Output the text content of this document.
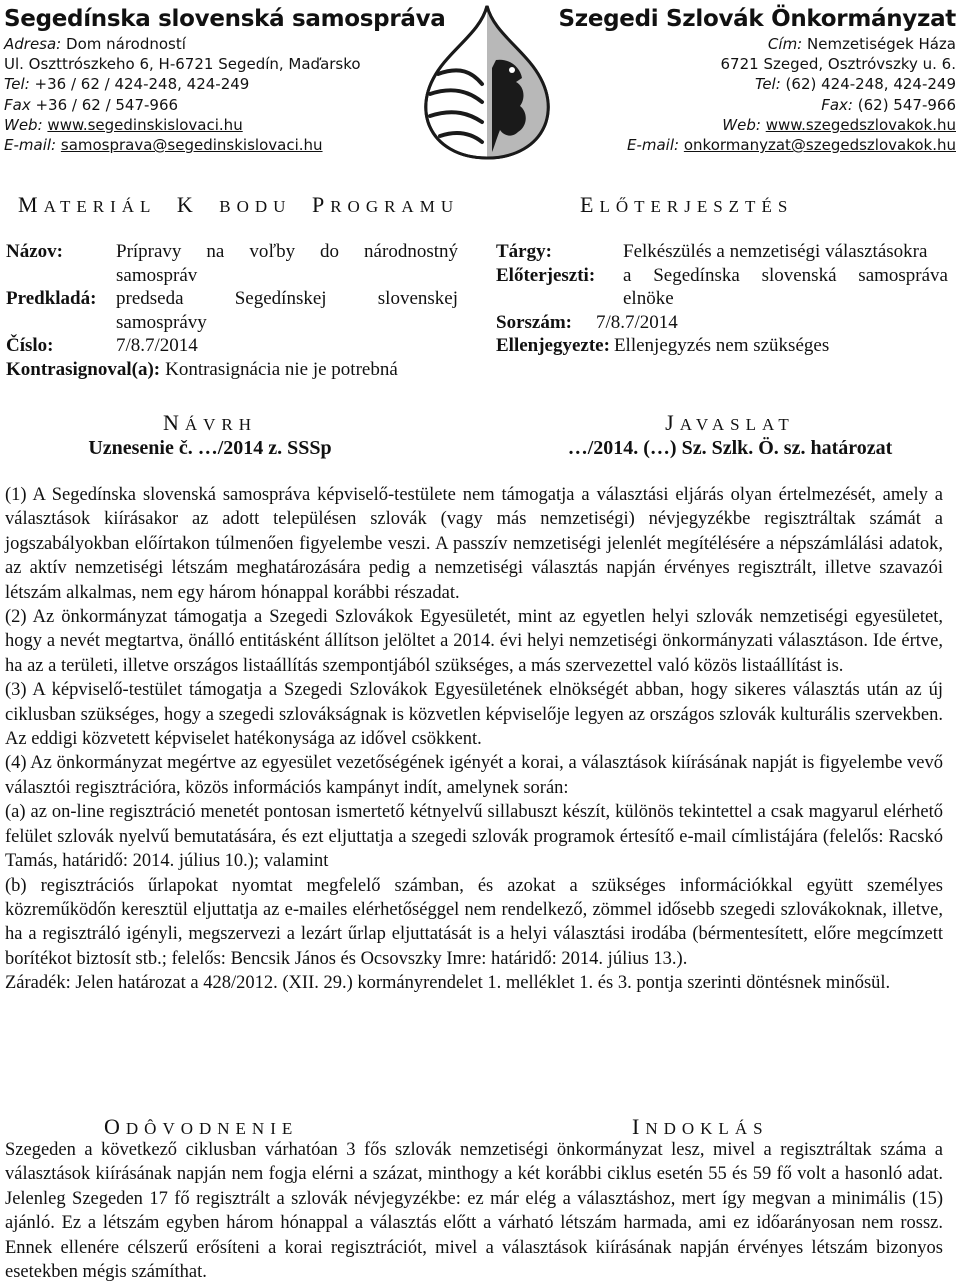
Segedínska slovenská samospráva
Adresa: Dom národností
Ul. Oszttrószkeho 6, H-6721 Segedín, Maďarsko
Tel: +36 / 62 / 424-248, 424-249
Fax +36 / 62 / 547-966
Web: www.segedinskislovaci.hu
E-mail: samosprava@segedinskislovaci.hu
Szegedi Szlovák Önkormányzat
Cím: Nemzetiségek Háza
6721 Szeged, Osztróvszky u. 6.
Tel: (62) 424-248, 424-249
Fax: (62) 547-966
Web: www.szegedszlovakok.hu
E-mail: onkormanyzat@szegedszlovakok.hu
MATERIÁL K BODU PROGRAMU	ELŐTERJESZTÉS
Názov:	Prípravy na voľby do národnostný samospráv
Predkladá:	predseda Segedínskej slovenskej samosprávy
Číslo:	7/8.7/2014
Kontrasignoval(a): Kontrasignácia nie je potrebná
Tárgy:	Felkészülés a nemzetiségi választásokra
Előterjeszti:	a Segedínska slovenská samospráva elnöke
Sorszám:	7/8.7/2014
Ellenjegyezte: Ellenjegyzés nem szükséges
NÁVRH
Uznesenie č. …/2014 z. SSSp
JAVASLAT
…/2014. (…) Sz. Szlk. Ö. sz. határozat

(1) A Segedínska slovenská samospráva képviselő-testülete nem támogatja a választási eljárás olyan értelmezését, amely a választások kiírásakor az adott településen szlovák (vagy más nemzetiségi) névjegyzékbe regisztráltak számát a jogszabályokban előírtakon túlmenően figyelembe veszi. A passzív nemzetiségi jelenlét megítélésére a népszámlálási adatok, az aktív nemzetiségi létszám meghatározására pedig a nemzetiségi választás napján érvényes regisztrált, illetve szavazói létszám alkalmas, nem egy három hónappal korábbi részadat.

(2) Az önkormányzat támogatja a Szegedi Szlovákok Egyesületét, mint az egyetlen helyi szlovák nemzetiségi egyesületet, hogy a nevét megtartva, önálló entitásként állítson jelöltet a 2014. évi helyi nemzetiségi önkormányzati választáson. Ide értve, ha az a területi, illetve országos listaállítás szempontjából szükséges, a más szervezettel való közös listaállítást is.

(3) A képviselő-testület támogatja a Szegedi Szlovákok Egyesületének elnökségét abban, hogy sikeres választás után az új ciklusban szükséges, hogy a szegedi szlovákságnak is közvetlen képviselője legyen az országos szlovák kulturális szervekben. Az eddigi közvetett képviselet hatékonysága az idővel csökkent.

(4) Az önkormányzat megértve az egyesület vezetőségének igényét a korai, a választások kiírásának napját is figyelembe vevő választói regisztrációra, közös információs kampányt indít, amelynek során:

(a) az on-line regisztráció menetét pontosan ismertető kétnyelvű sillabuszt készít, különös tekintettel a csak magyarul elérhető felület szlovák nyelvű bemutatására, és ezt eljuttatja a szegedi szlovák programok értesítő e-mail címlistájára (felelős: Racskó Tamás, határidő: 2014. július 10.); valamint

(b) regisztrációs űrlapokat nyomtat megfelelő számban, és azokat a szükséges információkkal együtt személyes közreműködőn keresztül eljuttatja az e-mailes elérhetőséggel nem rendelkező, zömmel idősebb szegedi szlovákoknak, illetve, ha a regisztráló igényli, megszervezi a lezárt űrlap eljuttatását is a helyi választási irodába (bérmentesített, előre megcímzett borítékot biztosít stb.; felelős: Bencsik János és Ocsovszky Imre: határidő: 2014. július 13.).

Záradék: Jelen határozat a 428/2012. (XII. 29.) kormányrendelet 1. melléklet 1. és 3. pontja szerinti döntésnek minősül.

ODÔVODNENIE	INDOKLÁS

Szegeden a következő ciklusban várhatóan 3 fős szlovák nemzetiségi önkormányzat lesz, mivel a regisztráltak száma a választások kiírásának napján nem fogja elérni a százat, minthogy a két korábbi ciklus esetén 55 és 59 fő volt a hasonló adat. Jelenleg Szegeden 17 fő regisztrált a szlovák névjegyzékbe: ez már elég a választáshoz, mert így megvan a minimális (15) ajánló. Ez a létszám egyben három hónappal a választás előtt a várható létszám harmada, ami ez időarányosan nem rossz. Ennek ellenére célszerű erősíteni a korai regisztrációt, mivel a választások kiírásának napján érvényes létszám bizonyos esetekben mégis számíthat.
